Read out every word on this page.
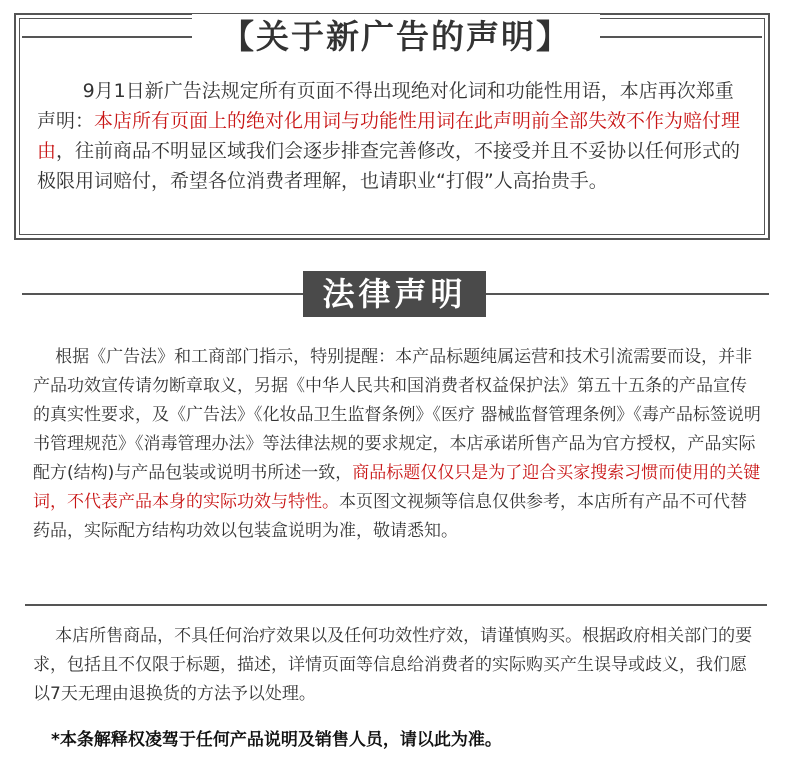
【关于新广告的声明】

9月1日新广告法规定所有页面不得出现绝对化词和功能性用语，本店再次郑重声明：本店所有页面上的绝对化用词与功能性用词在此声明前全部失效不作为赔付理由，往前商品不明显区域我们会逐步排查完善修改，不接受并且不妥协以任何形式的极限用词赔付，希望各位消费者理解，也请职业“打假”人高抬贵手。

法律声明

根据《广告法》和工商部门指示，特别提醒：本产品标题纯属运营和技术引流需要而设，并非产品功效宣传请勿断章取义，另据《中华人民共和国消费者权益保护法》第五十五条的产品宣传的真实性要求，及《广告法》《化妆品卫生监督条例》《医疗 器械监督管理条例》《毒产品标签说明书管理规范》《消毒管理办法》等法律法规的要求规定，本店承诺所售产品为官方授权，产品实际配方(结构)与产品包装或说明书所述一致，商品标题仅仅只是为了迎合买家搜索习惯而使用的关键词，不代表产品本身的实际功效与特性。本页图文视频等信息仅供参考，本店所有产品不可代替药品，实际配方结构功效以包装盒说明为准，敬请悉知。

本店所售商品，不具任何治疗效果以及任何功效性疗效，请谨慎购买。根据政府相关部门的要求，包括且不仅限于标题，描述，详情页面等信息给消费者的实际购买产生误导或歧义，我们愿以7天无理由退换货的方法予以处理。

*本条解释权凌驾于任何产品说明及销售人员，请以此为准。
